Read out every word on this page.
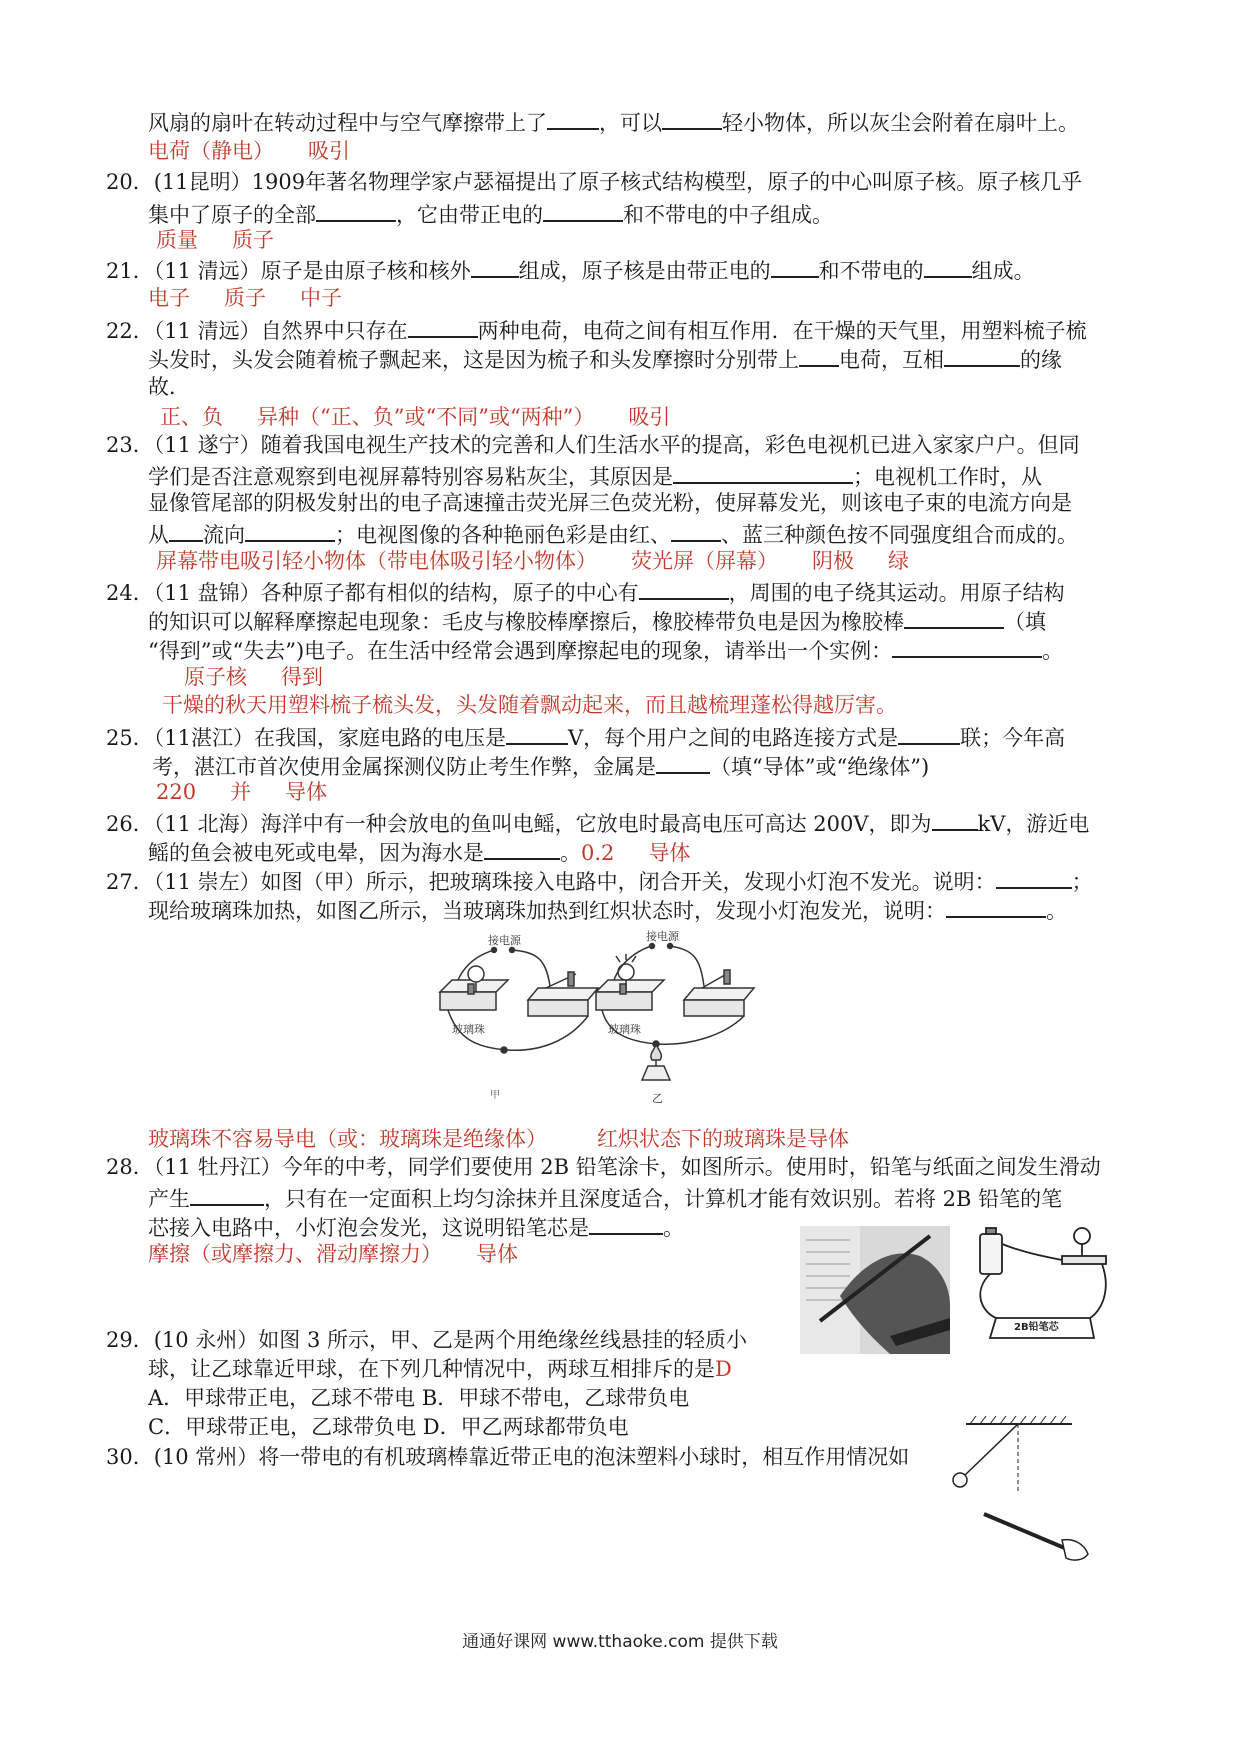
风扇的扇叶在转动过程中与空气摩擦带上了 ，可以	轻小物体，所以灰尘会附着在扇叶上。
电荷（静电） 吸引
20．(11昆明）1909年著名物理学家卢瑟福提出了原子核式结构模型，原子的中心叫原子核。原子核几乎
集中了原子的全部	，它由带正电的	和不带电的中子组成。
质量 质子
21．（11 清远）原子是由原子核和核外 组成，原子核是由带正电的 和不带电的 组成。
电子 质子 中子
22．（11 清远）自然界中只存在	两种电荷，电荷之间有相互作用．在干燥的天气里，用塑料梳子梳
头发时，头发会随着梳子飘起来，这是因为梳子和头发摩擦时分别带上 电荷，互相	的缘
故．
正、负 异种（“正、负”或“不同”或“两种”） 吸引
23．（11 遂宁）随着我国电视生产技术的完善和人们生活水平的提高，彩色电视机已进入家家户户。但同
学们是否注意观察到电视屏幕特别容易粘灰尘，其原因是	；电视机工作时，从
显像管尾部的阴极发射出的电子高速撞击荧光屏三色荧光粉，使屏幕发光，则该电子束的电流方向是
从 流向	；电视图像的各种艳丽色彩是由红、 、蓝三种颜色按不同强度组合而成的。
屏幕带电吸引轻小物体（带电体吸引轻小物体） 荧光屏（屏幕） 阴极 绿
24．（11 盘锦）各种原子都有相似的结构，原子的中心有	，周围的电子绕其运动。用原子结构
的知识可以解释摩擦起电现象：毛皮与橡胶棒摩擦后，橡胶棒带负电是因为橡胶棒	（填
“得到”或“失去”)电子。在生活中经常会遇到摩擦起电的现象，请举出一个实例：	。
原子核 得到
干燥的秋天用塑料梳子梳头发，头发随着飘动起来，而且越梳理蓬松得越厉害。
25．（11湛江）在我国，家庭电路的电压是	V，每个用户之间的电路连接方式是	联；今年高
考，湛江市首次使用金属探测仪防止考生作弊，金属是	（填“导体”或“绝缘体”)
220 并 导体
26．（11 北海）海洋中有一种会放电的鱼叫电鳐，它放电时最高电压可高达 200V，即为 kV，游近电
鳐的鱼会被电死或电晕，因为海水是	。0.2 导体
27．（11 崇左）如图（甲）所示，把玻璃珠接入电路中，闭合开关，发现小灯泡不发光。说明：	；
现给玻璃珠加热，如图乙所示，当玻璃珠加热到红炽状态时，发现小灯泡发光，说明：	。
接电源
玻璃珠
甲
接电源
玻璃珠
乙
玻璃珠不容易导电（或：玻璃珠是绝缘体） 红炽状态下的玻璃珠是导体
28．（11 牡丹江）今年的中考，同学们要使用 2B 铅笔涂卡，如图所示。使用时，铅笔与纸面之间发生滑动
产生	，只有在一定面积上均匀涂抹并且深度适合，计算机才能有效识别。若将 2B 铅笔的笔
芯接入电路中，小灯泡会发光，这说明铅笔芯是	。
摩擦（或摩擦力、滑动摩擦力） 导体
2B铅笔芯
29．(10 永州）如图 3 所示，甲、乙是两个用绝缘丝线悬挂的轻质小
球，让乙球靠近甲球，在下列几种情况中，两球互相排斥的是D
A．甲球带正电，乙球不带电 B．甲球不带电，乙球带负电
C．甲球带正电，乙球带负电 D．甲乙两球都带负电
30．(10 常州）将一带电的有机玻璃棒靠近带正电的泡沫塑料小球时，相互作用情况如
通通好课网 www.tthaoke.com 提供下载
